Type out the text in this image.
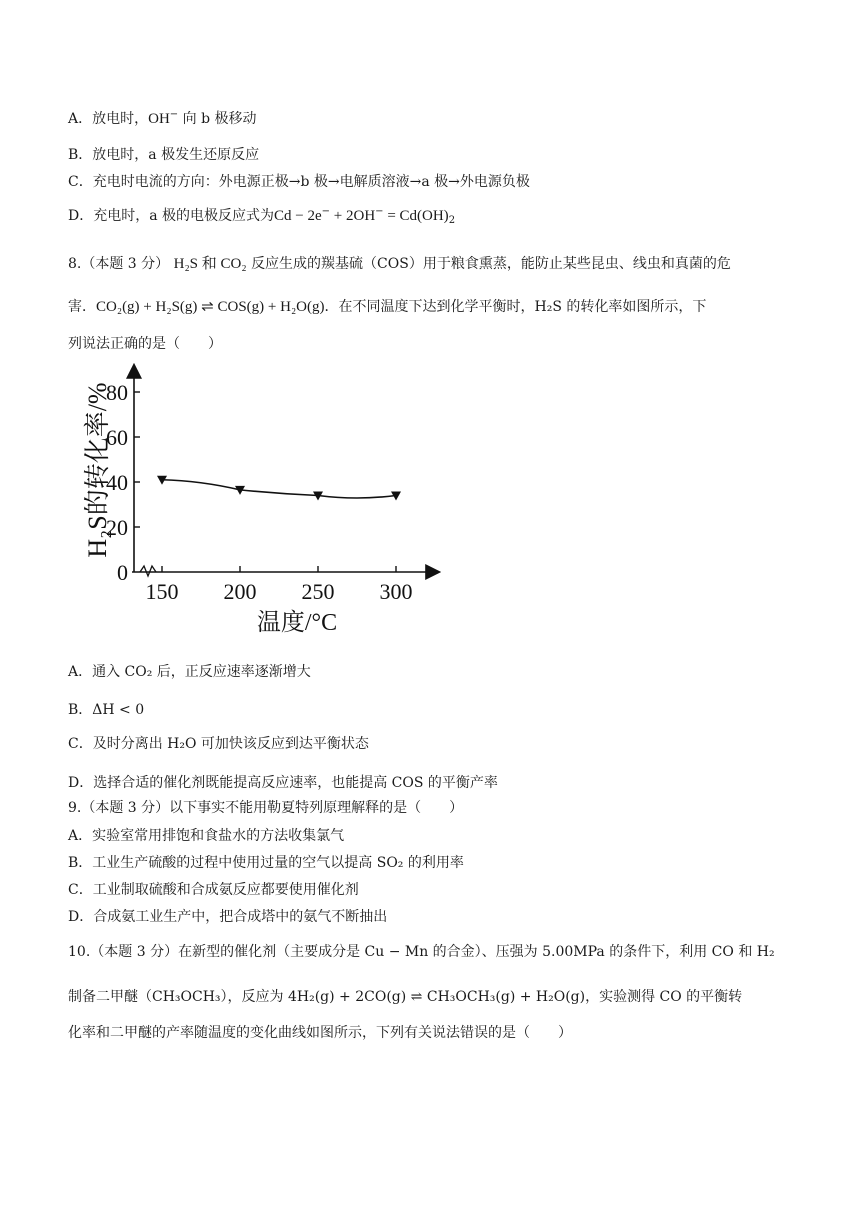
A．放电时，OH− 向 b 极移动
B．放电时，a 极发生还原反应
C．充电时电流的方向：外电源正极→b 极→电解质溶液→a 极→外电源负极
D．充电时，a 极的电极反应式为$Cd - 2e^- + 2OH^- = Cd(OH)_2$
8.（本题 3 分） H₂S 和 CO₂ 反应生成的羰基硫（COS）用于粮食熏蒸，能防止某些昆虫、线虫和真菌的危
害．CO₂(g) + H₂S(g) ⇌ COS(g) + H₂O(g)．在不同温度下达到化学平衡时，H₂S 的转化率如图所示，下
列说法正确的是（　　）
0
20
40
60
80
150 200 250 300
H₂S的转化率/%
温度/°C
A．通入 CO₂ 后，正反应速率逐渐增大
B．ΔH < 0
C．及时分离出 H₂O 可加快该反应到达平衡状态
D．选择合适的催化剂既能提高反应速率，也能提高 COS 的平衡产率
9.（本题 3 分）以下事实不能用勒夏特列原理解释的是（　　）
A．实验室常用排饱和食盐水的方法收集氯气
B．工业生产硫酸的过程中使用过量的空气以提高 SO₂ 的利用率
C．工业制取硫酸和合成氨反应都要使用催化剂
D．合成氨工业生产中，把合成塔中的氨气不断抽出
10.（本题 3 分）在新型的催化剂（主要成分是 Cu − Mn 的合金）、压强为 5.00MPa 的条件下，利用 CO 和 H₂
制备二甲醚（CH₃OCH₃），反应为 4H₂(g) + 2CO(g) ⇌ CH₃OCH₃(g) + H₂O(g)，实验测得 CO 的平衡转
化率和二甲醚的产率随温度的变化曲线如图所示，下列有关说法错误的是（　　）
